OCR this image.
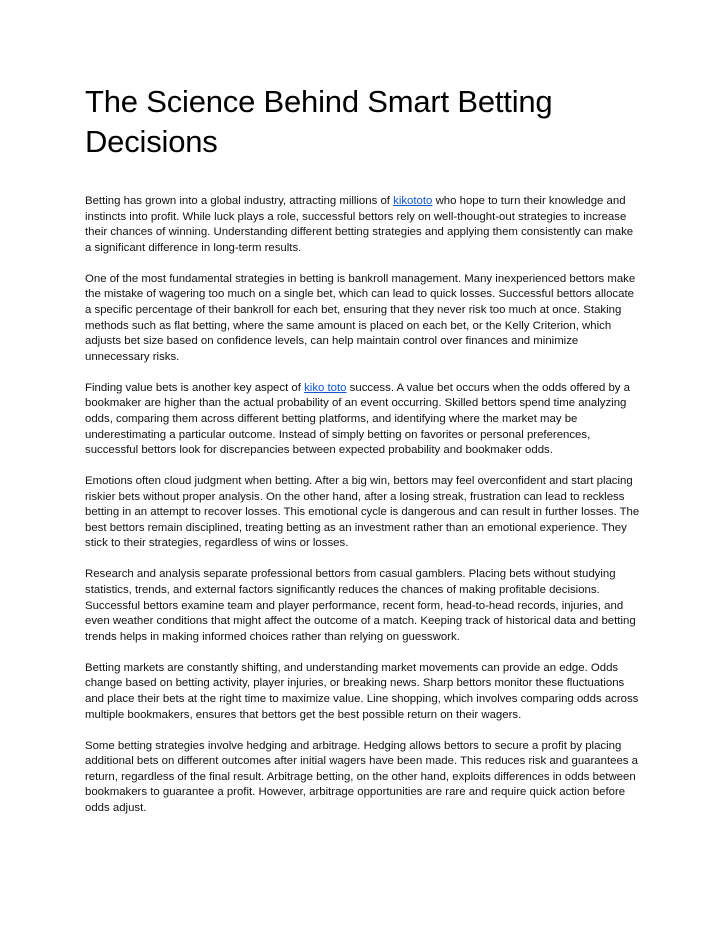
The Science Behind Smart Betting Decisions

Betting has grown into a global industry, attracting millions of kikototo who hope to turn their knowledge and instincts into profit. While luck plays a role, successful bettors rely on well-thought-out strategies to increase their chances of winning. Understanding different betting strategies and applying them consistently can make a significant difference in long-term results.

One of the most fundamental strategies in betting is bankroll management. Many inexperienced bettors make the mistake of wagering too much on a single bet, which can lead to quick losses. Successful bettors allocate a specific percentage of their bankroll for each bet, ensuring that they never risk too much at once. Staking methods such as flat betting, where the same amount is placed on each bet, or the Kelly Criterion, which adjusts bet size based on confidence levels, can help maintain control over finances and minimize unnecessary risks.

Finding value bets is another key aspect of kiko toto success. A value bet occurs when the odds offered by a bookmaker are higher than the actual probability of an event occurring. Skilled bettors spend time analyzing odds, comparing them across different betting platforms, and identifying where the market may be underestimating a particular outcome. Instead of simply betting on favorites or personal preferences, successful bettors look for discrepancies between expected probability and bookmaker odds.

Emotions often cloud judgment when betting. After a big win, bettors may feel overconfident and start placing riskier bets without proper analysis. On the other hand, after a losing streak, frustration can lead to reckless betting in an attempt to recover losses. This emotional cycle is dangerous and can result in further losses. The best bettors remain disciplined, treating betting as an investment rather than an emotional experience. They stick to their strategies, regardless of wins or losses.

Research and analysis separate professional bettors from casual gamblers. Placing bets without studying statistics, trends, and external factors significantly reduces the chances of making profitable decisions. Successful bettors examine team and player performance, recent form, head-to-head records, injuries, and even weather conditions that might affect the outcome of a match. Keeping track of historical data and betting trends helps in making informed choices rather than relying on guesswork.

Betting markets are constantly shifting, and understanding market movements can provide an edge. Odds change based on betting activity, player injuries, or breaking news. Sharp bettors monitor these fluctuations and place their bets at the right time to maximize value. Line shopping, which involves comparing odds across multiple bookmakers, ensures that bettors get the best possible return on their wagers.

Some betting strategies involve hedging and arbitrage. Hedging allows bettors to secure a profit by placing additional bets on different outcomes after initial wagers have been made. This reduces risk and guarantees a return, regardless of the final result. Arbitrage betting, on the other hand, exploits differences in odds between bookmakers to guarantee a profit. However, arbitrage opportunities are rare and require quick action before odds adjust.
